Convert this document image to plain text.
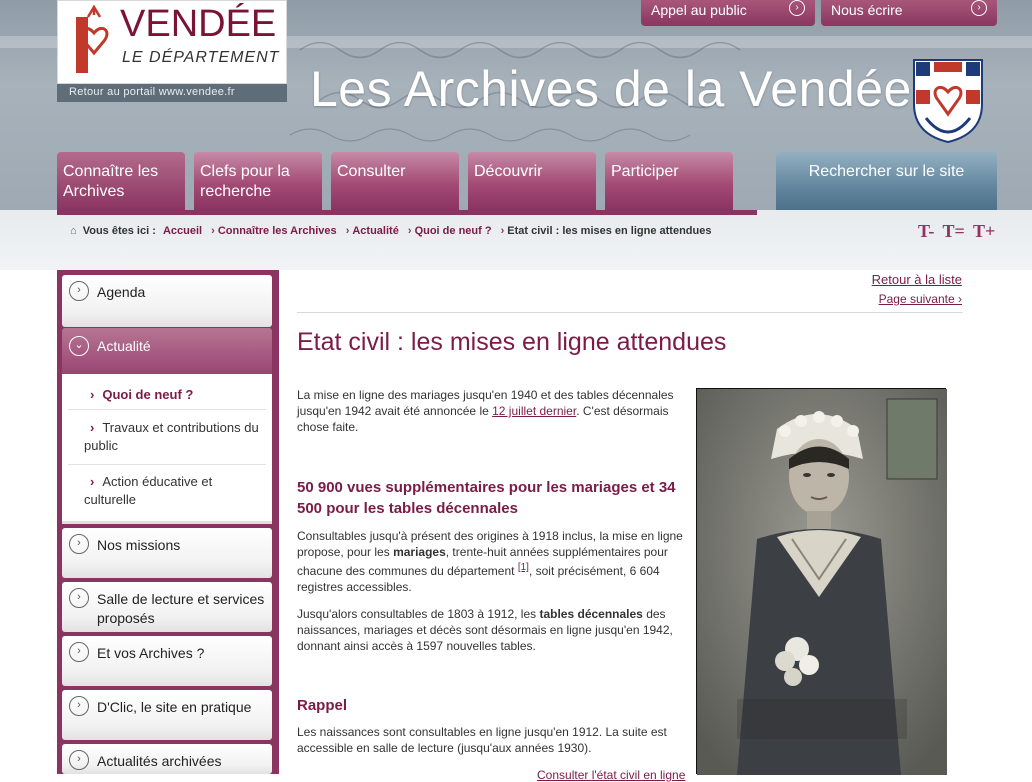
VENDÉE
LE DÉPARTEMENT
Retour au portail www.vendee.fr	Les Archives de la Vendée
Appel au public	›	Nous écrire	›
Connaître les Archives
Clefs pour la recherche
Consulter	Découvrir	Participer	Rechercher sur le site
⌂ Vous êtes ici : Accueil › Connaître les Archives › Actualité › Quoi de neuf ? › Etat civil : les mises en ligne attendues	T- T= T+
›	Agenda
⌄ Actualité
› Quoi de neuf ?
› Travaux et contributions du public
› Action éducative et culturelle
›	Nos missions
›	Salle de lecture et services proposés
›	Et vos Archives ?
›	D'Clic, le site en pratique
›	Actualités archivées
Retour à la liste
Page suivante ›
Etat civil : les mises en ligne attendues

La mise en ligne des mariages jusqu'en 1940 et des tables décennales jusqu'en 1942 avait été annoncée le 12 juillet dernier. C'est désormais chose faite.

50 900 vues supplémentaires pour les mariages et 34 500 pour les tables décennales

Consultables jusqu'à présent des origines à 1918 inclus, la mise en ligne propose, pour les mariages, trente-huit années supplémentaires pour chacune des communes du département [1], soit précisément, 6 604 registres accessibles.

Jusqu'alors consultables de 1803 à 1912, les tables décennales des naissances, mariages et décès sont désormais en ligne jusqu'en 1942, donnant ainsi accès à 1597 nouvelles tables.

Rappel

Les naissances sont consultables en ligne jusqu'en 1912. La suite est accessible en salle de lecture (jusqu'aux années 1930).

Consulter l'état civil en ligne
